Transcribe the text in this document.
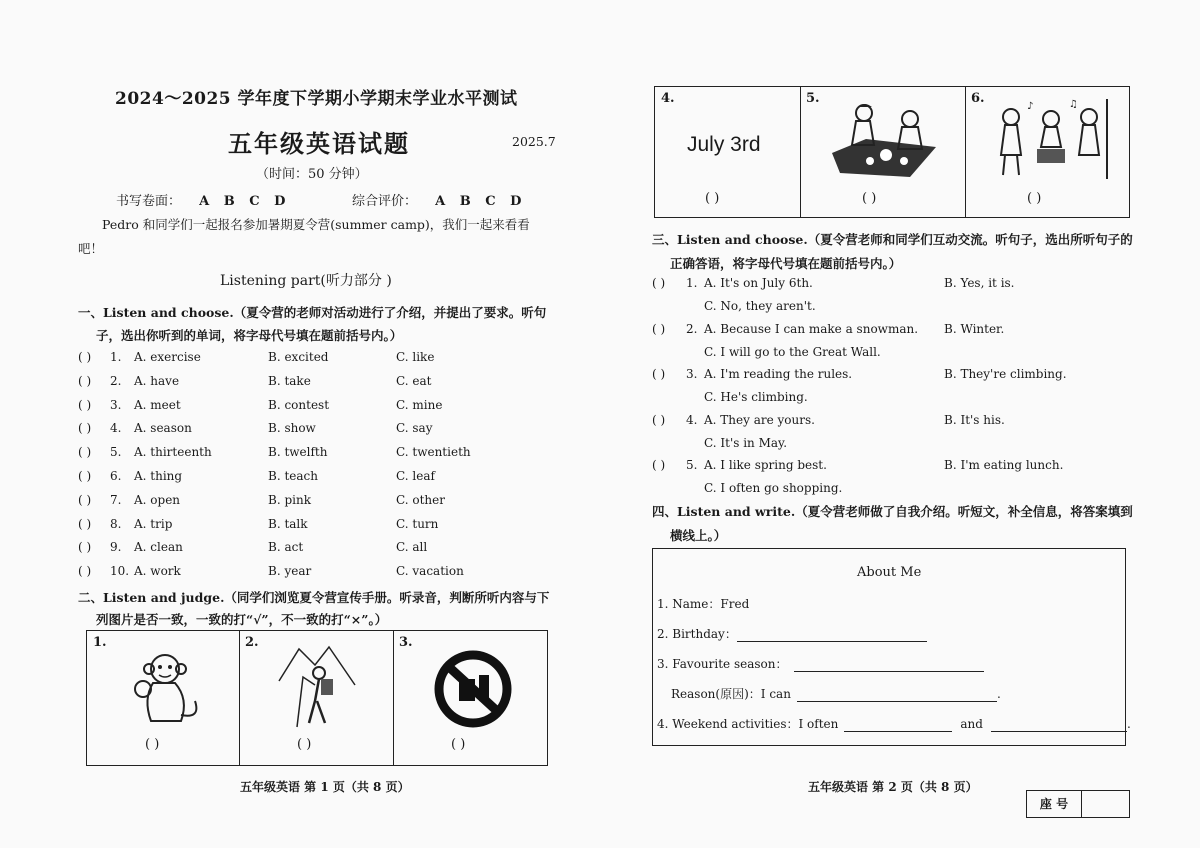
2024～2025 学年度下学期小学期末学业水平测试
五年级英语试题	2025.7
（时间：50 分钟）
书写卷面： A B C D	综合评价： A B C D
Pedro 和同学们一起报名参加暑期夏令营(summer camp)，我们一起来看看
吧！
Listening part(听力部分 )
一、Listen and choose.（夏令营的老师对活动进行了介绍，并提出了要求。听句
子，选出你听到的单词，将字母代号填在题前括号内。）
( ) 1. A. exercise	B. excited	C. like
( ) 2. A. have	B. take	C. eat
( ) 3. A. meet	B. contest	C. mine
( ) 4. A. season	B. show	C. say
( ) 5. A. thirteenth	B. twelfth	C. twentieth
( ) 6. A. thing	B. teach	C. leaf
( ) 7. A. open	B. pink	C. other
( ) 8. A. trip	B. talk	C. turn
( ) 9. A. clean	B. act	C. all
( ) 10. A. work	B. year	C. vacation
二、Listen and judge.（同学们浏览夏令营宣传手册。听录音，判断所听内容与下
列图片是否一致，一致的打“√”，不一致的打“×”。）
1.
( )
2.
( )
3.
( )
五年级英语 第 1 页（共 8 页）
4.
July 3rd
( )
5.
( )
6.
♪	♫
( )
三、Listen and choose.（夏令营老师和同学们互动交流。听句子，选出所听句子的
正确答语，将字母代号填在题前括号内。）
( ) 1. A. It's on July 6th.	B. Yes, it is.
C. No, they aren't.
( ) 2. A. Because I can make a snowman. B. Winter.
C. I will go to the Great Wall.
( ) 3. A. I'm reading the rules.	B. They're climbing.
C. He's climbing.
( ) 4. A. They are yours.	B. It's his.
C. It's in May.
( ) 5. A. I like spring best.	B. I'm eating lunch.
C. I often go shopping.
四、Listen and write.（夏令营老师做了自我介绍。听短文，补全信息，将答案填到
横线上。）
About Me
1. Name：Fred
2. Birthday：
3. Favourite season：
Reason(原因)：I can	.
4. Weekend activities：I often	and	.
五年级英语 第 2 页（共 8 页）
座 号
